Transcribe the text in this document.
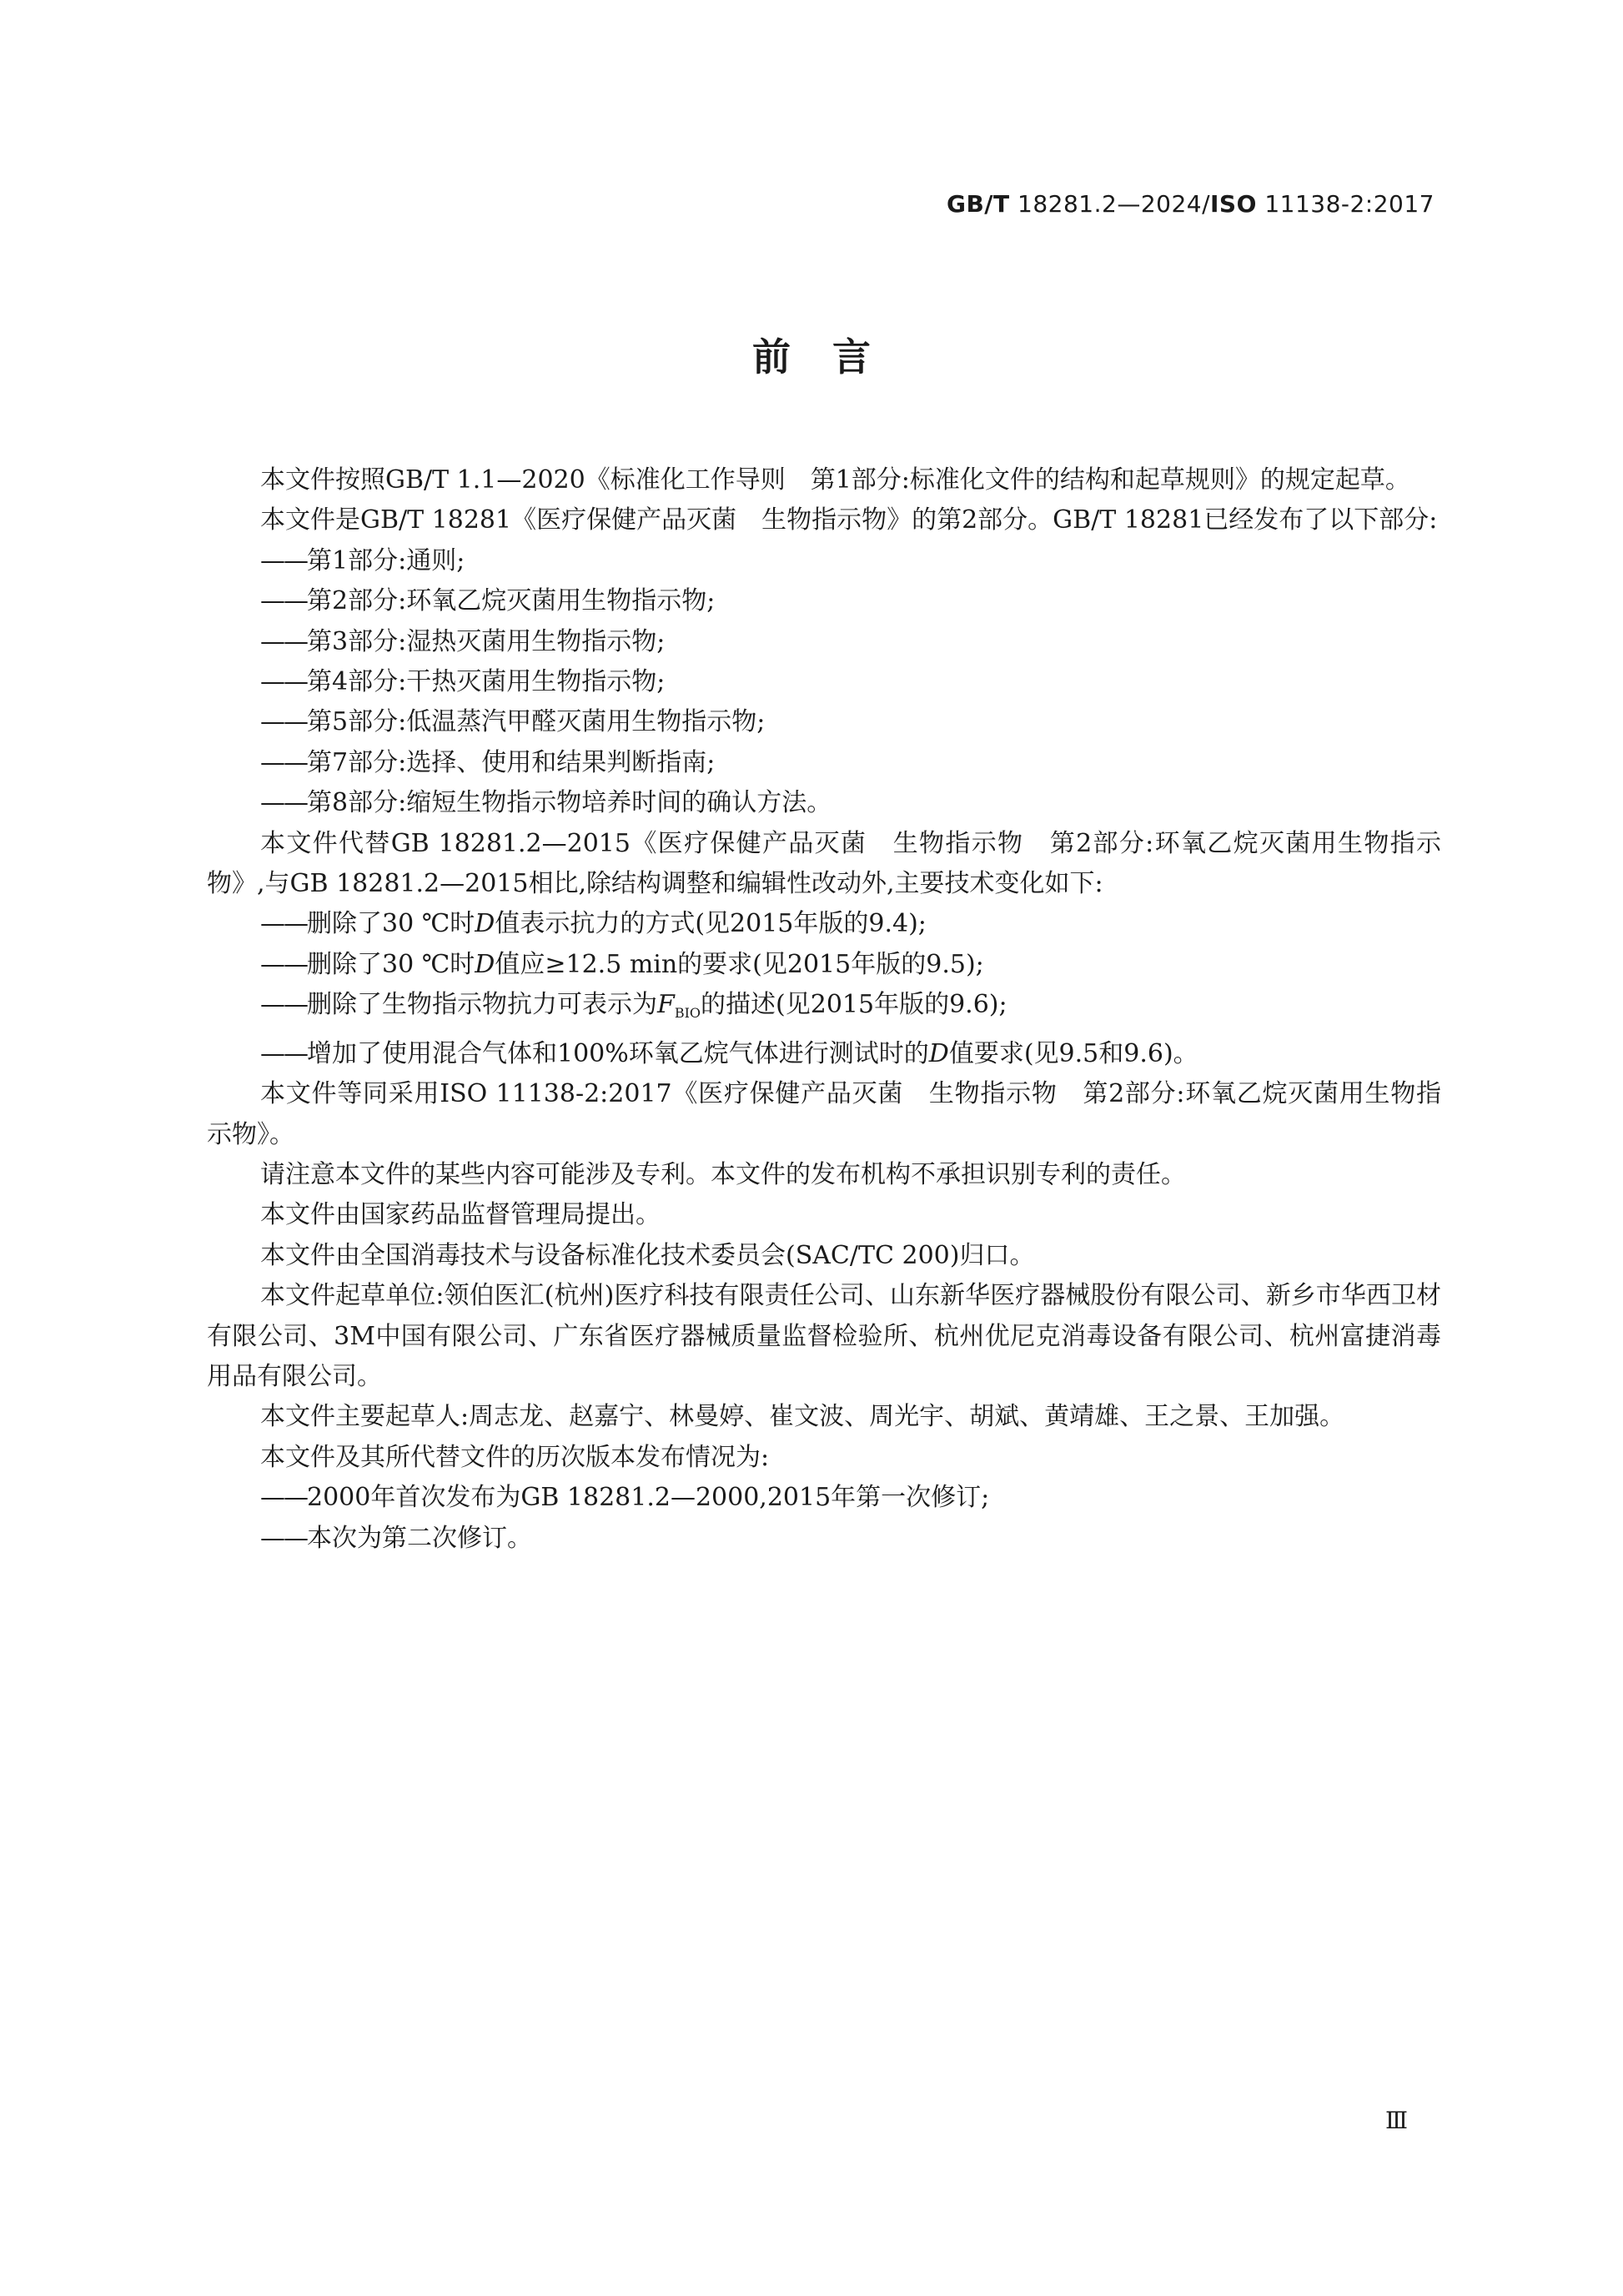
GB/T 18281.2—2024/ISO 11138-2:2017
前言

本文件按照GB/T 1.1—2020《标准化工作导则　第1部分:标准化文件的结构和起草规则》的规定起草。

本文件是GB/T 18281《医疗保健产品灭菌　生物指示物》的第2部分。GB/T 18281已经发布了以下部分:

——第1部分:通则;

——第2部分:环氧乙烷灭菌用生物指示物;

——第3部分:湿热灭菌用生物指示物;

——第4部分:干热灭菌用生物指示物;

——第5部分:低温蒸汽甲醛灭菌用生物指示物;

——第7部分:选择、使用和结果判断指南;

——第8部分:缩短生物指示物培养时间的确认方法。

本文件代替GB 18281.2—2015《医疗保健产品灭菌　生物指示物　第2部分:环氧乙烷灭菌用生物指示物》,与GB 18281.2—2015相比,除结构调整和编辑性改动外,主要技术变化如下:

——删除了30 ℃时D值表示抗力的方式(见2015年版的9.4);

——删除了30 ℃时D值应≥12.5 min的要求(见2015年版的9.5);

——删除了生物指示物抗力可表示为$F_{BIO}$的描述(见2015年版的9.6);

——增加了使用混合气体和100%环氧乙烷气体进行测试时的D值要求(见9.5和9.6)。

本文件等同采用ISO 11138-2:2017《医疗保健产品灭菌　生物指示物　第2部分:环氧乙烷灭菌用生物指示物》。

请注意本文件的某些内容可能涉及专利。本文件的发布机构不承担识别专利的责任。

本文件由国家药品监督管理局提出。

本文件由全国消毒技术与设备标准化技术委员会(SAC/TC 200)归口。

本文件起草单位:领伯医汇(杭州)医疗科技有限责任公司、山东新华医疗器械股份有限公司、新乡市华西卫材有限公司、3M中国有限公司、广东省医疗器械质量监督检验所、杭州优尼克消毒设备有限公司、杭州富捷消毒用品有限公司。

本文件主要起草人:周志龙、赵嘉宁、林曼婷、崔文波、周光宇、胡斌、黄靖雄、王之景、王加强。

本文件及其所代替文件的历次版本发布情况为:

——2000年首次发布为GB 18281.2—2000,2015年第一次修订;

——本次为第二次修订。

Ⅲ
